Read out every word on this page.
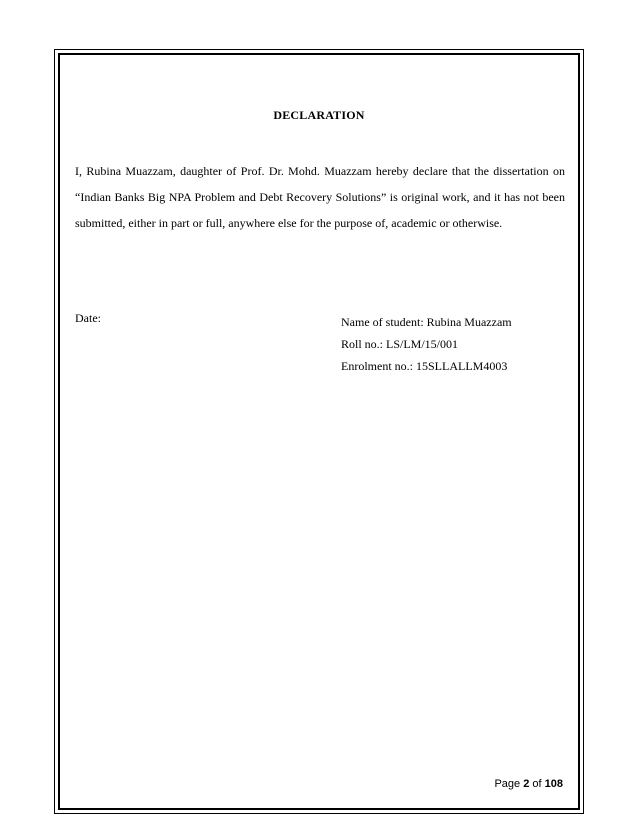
DECLARATION

I, Rubina Muazzam, daughter of Prof. Dr. Mohd. Muazzam hereby declare that the dissertation on “Indian Banks Big NPA Problem and Debt Recovery Solutions” is original work, and it has not been submitted, either in part or full, anywhere else for the purpose of, academic or otherwise.

Date:	Name of student: Rubina Muazzam
Roll no.: LS/LM/15/001
Enrolment no.: 15SLLALLM4003
Page 2 of 108
